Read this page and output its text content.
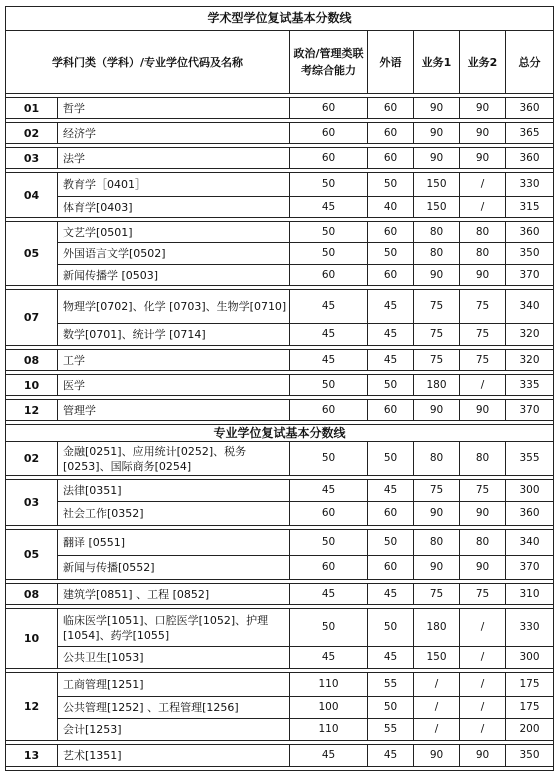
学术型学位复试基本分数线						
学科门类（学科）/专业学位代码及名称		政治/管理类联考综合能力	外语	业务1	业务2	总分

01	哲学	60	60	90	90	360

02	经济学	60	60	90	90	365

03	法学	60	60	90	90	360

04	教育学［0401］	50	50	150	/	330
	体育学[0403]	45	40	150	/	315

05	文艺学[0501]	50	60	80	80	360
	外国语言文学[0502]	50	50	80	80	350
	新闻传播学 [0503]	60	60	90	90	370

07	物理学[0702]、化学 [0703]、生物学[0710]	45	45	75	75	340
	数学[0701]、统计学 [0714]	45	45	75	75	320

08	工学	45	45	75	75	320

10	医学	50	50	180	/	335

12	管理学	60	60	90	90	370

专业学位复试基本分数线						
02	金融[0251]、应用统计[0252]、税务[0253]、国际商务[0254]	50	50	80	80	355

03	法律[0351]	45	45	75	75	300
	社会工作[0352]	60	60	90	90	360

05	翻译 [0551]	50	50	80	80	340
	新闻与传播[0552]	60	60	90	90	370

08	建筑学[0851] 、工程 [0852]	45	45	75	75	310

10	临床医学[1051]、口腔医学[1052]、护理[1054]、药学[1055]	50	50	180	/	330
	公共卫生[1053]	45	45	150	/	300

12	工商管理[1251]	110	55	/	/	175
	公共管理[1252] 、工程管理[1256]	100	50	/	/	175
	会计[1253]	110	55	/	/	200

13	艺术[1351]	45	45	90	90	350
